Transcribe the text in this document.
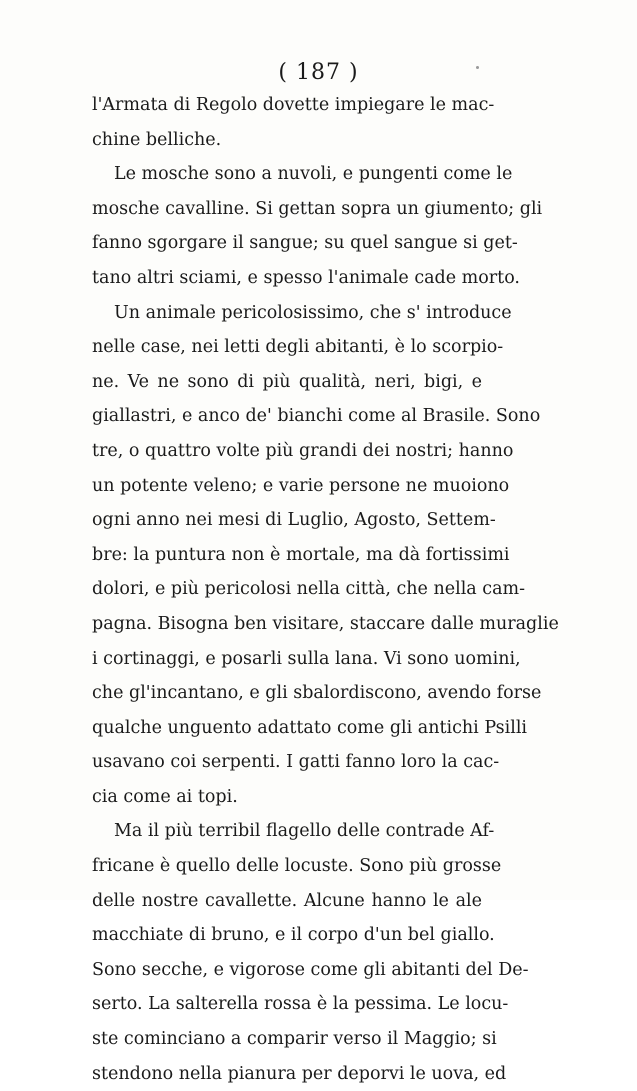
( 187 )
l'Armata di Regolo dovette impiegare le mac-
chine belliche.
Le mosche sono a nuvoli, e pungenti come le
mosche cavalline. Si gettan sopra un giumento; gli
fanno sgorgare il sangue; su quel sangue si get-
tano altri sciami, e spesso l'animale cade morto.
Un animale pericolosissimo, che s' introduce
nelle case, nei letti degli abitanti, è lo scorpio-
ne. Ve ne sono di più qualità, neri, bigi, e
giallastri, e anco de' bianchi come al Brasile. Sono
tre, o quattro volte più grandi dei nostri; hanno
un potente veleno; e varie persone ne muoiono
ogni anno nei mesi di Luglio, Agosto, Settem-
bre: la puntura non è mortale, ma dà fortissimi
dolori, e più pericolosi nella città, che nella cam-
pagna. Bisogna ben visitare, staccare dalle muraglie
i cortinaggi, e posarli sulla lana. Vi sono uomini,
che gl'incantano, e gli sbalordiscono, avendo forse
qualche unguento adattato come gli antichi Psilli
usavano coi serpenti. I gatti fanno loro la cac-
cia come ai topi.
Ma il più terribil flagello delle contrade Af-
fricane è quello delle locuste. Sono più grosse
delle nostre cavallette. Alcune hanno le ale
macchiate di bruno, e il corpo d'un bel giallo.
Sono secche, e vigorose come gli abitanti del De-
serto. La salterella rossa è la pessima. Le locu-
ste cominciano a comparir verso il Maggio; si
stendono nella pianura per deporvi le uova, ed
